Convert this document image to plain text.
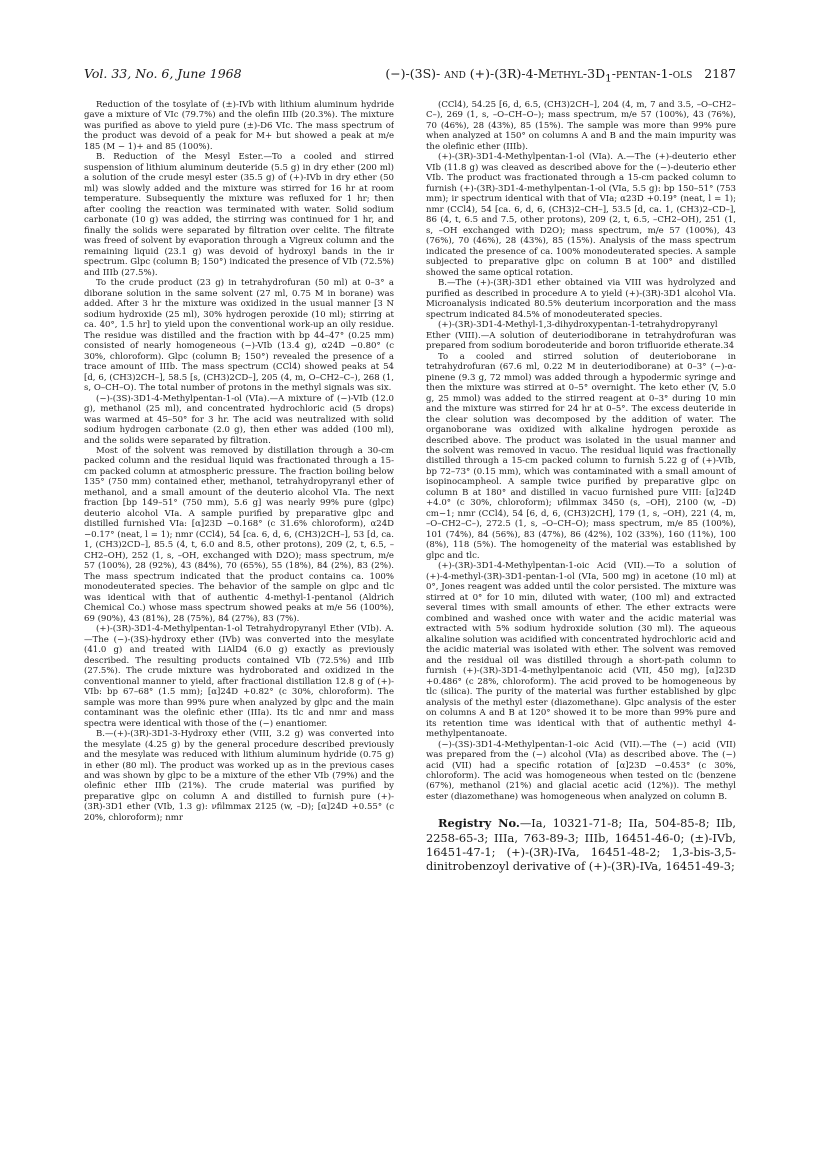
Vol. 33, No. 6, June 1968	(−)-(3S)- and $(+)-(3R)-4-Methyl-3D_1-pentan-1$-ols 2187

Reduction of the tosylate of (±)-IVb with lithium aluminum hydride gave a mixture of VIc (79.7%) and the olefin IIIb (20.3%). The mixture was purified as above to yield pure (±)-D6 VIc. The mass spectrum of the product was devoid of a peak for M+ but showed a peak at m/e 185 (M − 1)+ and 85 (100%).

B. Reduction of the Mesyl Ester.—To a cooled and stirred suspension of lithium aluminum deuteride (5.5 g) in dry ether (200 ml) a solution of the crude mesyl ester (35.5 g) of (+)-IVb in dry ether (50 ml) was slowly added and the mixture was stirred for 16 hr at room temperature. Subsequently the mixture was refluxed for 1 hr; then after cooling the reaction was terminated with water. Solid sodium carbonate (10 g) was added, the stirring was continued for 1 hr, and finally the solids were separated by filtration over celite. The filtrate was freed of solvent by evaporation through a Vigreux column and the remaining liquid (23.1 g) was devoid of hydroxyl bands in the ir spectrum. Glpc (column B; 150°) indicated the presence of VIb (72.5%) and IIIb (27.5%).

To the crude product (23 g) in tetrahydrofuran (50 ml) at 0–3° a diborane solution in the same solvent (27 ml, 0.75 M in borane) was added. After 3 hr the mixture was oxidized in the usual manner [3 N sodium hydroxide (25 ml), 30% hydrogen peroxide (10 ml); stirring at ca. 40°, 1.5 hr] to yield upon the conventional work-up an oily residue. The residue was distilled and the fraction with bp 44–47° (0.25 mm) consisted of nearly homogeneous (−)-VIb (13.4 g), α24D −0.80° (c 30%, chloroform). Glpc (column B; 150°) revealed the presence of a trace amount of IIIb. The mass spectrum (CCl4) showed peaks at 54 [d, 6, (CH3)2CH–], 58.5 [s, (CH3)2CD–], 205 (4, m, O–CH2–C–), 268 (1, s, O–CH–O). The total number of protons in the methyl signals was six.

(−)-(3S)-3D1-4-Methylpentan-1-ol (VIa).—A mixture of (−)-VIb (12.0 g), methanol (25 ml), and concentrated hydrochloric acid (5 drops) was warmed at 45–50° for 3 hr. The acid was neutralized with solid sodium hydrogen carbonate (2.0 g), then ether was added (100 ml), and the solids were separated by filtration.

Most of the solvent was removed by distillation through a 30-cm packed column and the residual liquid was fractionated through a 15-cm packed column at atmospheric pressure. The fraction boiling below 135° (750 mm) contained ether, methanol, tetrahydropyranyl ether of methanol, and a small amount of the deuterio alcohol VIa. The next fraction [bp 149–51° (750 mm), 5.6 g] was nearly 99% pure (glpc) deuterio alcohol VIa. A sample purified by preparative glpc and distilled furnished VIa: [α]23D −0.168° (c 31.6% chloroform), α24D −0.17° (neat, l = 1); nmr (CCl4), 54 [ca. 6, d, 6, (CH3)2CH–], 53 [d, ca. 1, (CH3)2CD–], 85.5 (4, t, 6.0 and 8.5, other protons), 209 (2, t, 6.5, –CH2–OH), 252 (1, s, –OH, exchanged with D2O); mass spectrum, m/e 57 (100%), 28 (92%), 43 (84%), 70 (65%), 55 (18%), 84 (2%), 83 (2%). The mass spectrum indicated that the product contains ca. 100% monodeuterated species. The behavior of the sample on glpc and tlc was identical with that of authentic 4-methyl-1-pentanol (Aldrich Chemical Co.) whose mass spectrum showed peaks at m/e 56 (100%), 69 (90%), 43 (81%), 28 (75%), 84 (27%), 83 (7%).

(+)-(3R)-3D1-4-Methylpentan-1-ol Tetrahydropyranyl Ether (VIb). A.—The (−)-(3S)-hydroxy ether (IVb) was converted into the mesylate (41.0 g) and treated with LiAlD4 (6.0 g) exactly as previously described. The resulting products contained VIb (72.5%) and IIIb (27.5%). The crude mixture was hydroborated and oxidized in the conventional manner to yield, after fractional distillation 12.8 g of (+)-VIb: bp 67–68° (1.5 mm); [α]24D +0.82° (c 30%, chloroform). The sample was more than 99% pure when analyzed by glpc and the main contaminant was the olefinic ether (IIIa). Its tlc and nmr and mass spectra were identical with those of the (−) enantiomer.

B.—(+)-(3R)-3D1-3-Hydroxy ether (VIII, 3.2 g) was converted into the mesylate (4.25 g) by the general procedure described previously and the mesylate was reduced with lithium aluminum hydride (0.75 g) in ether (80 ml). The product was worked up as in the previous cases and was shown by glpc to be a mixture of the ether VIb (79%) and the olefinic ether IIIb (21%). The crude material was purified by preparative glpc on column A and distilled to furnish pure (+)-(3R)-3D1 ether (VIb, 1.3 g): νfilmmax 2125 (w, –D); [α]24D +0.55° (c 20%, chloroform); nmr

(CCl4), 54.25 [6, d, 6.5, (CH3)2CH–], 204 (4, m, 7 and 3.5, –O–CH2–C–), 269 (1, s, –O–CH–O–); mass spectrum, m/e 57 (100%), 43 (76%), 70 (46%), 28 (43%), 85 (15%). The sample was more than 99% pure when analyzed at 150° on columns A and B and the main impurity was the olefinic ether (IIIb).

(+)-(3R)-3D1-4-Methylpentan-1-ol (VIa). A.—The (+)-deuterio ether VIb (11.8 g) was cleaved as described above for the (−)-deuterio ether VIb. The product was fractionated through a 15-cm packed column to furnish (+)-(3R)-3D1-4-methylpentan-1-ol (VIa, 5.5 g): bp 150–51° (753 mm); ir spectrum identical with that of VIa; α23D +0.19° (neat, l = 1); nmr (CCl4), 54 [ca. 6, d, 6, (CH3)2–CH–], 53.5 [d, ca. 1, (CH3)2–CD–], 86 (4, t, 6.5 and 7.5, other protons), 209 (2, t, 6.5, –CH2–OH), 251 (1, s, –OH exchanged with D2O); mass spectrum, m/e 57 (100%), 43 (76%), 70 (46%), 28 (43%), 85 (15%). Analysis of the mass spectrum indicated the presence of ca. 100% monodeuterated species. A sample subjected to preparative glpc on column B at 100° and distilled showed the same optical rotation.

B.—The (+)-(3R)-3D1 ether obtained via VIII was hydrolyzed and purified as described in procedure A to yield (+)-(3R)-3D1 alcohol VIa. Microanalysis indicated 80.5% deuterium incorporation and the mass spectrum indicated 84.5% of monodeuterated species.

(+)-(3R)-3D1-4-Methyl-1,3-dihydroxypentan-1-tetrahydropyranyl Ether (VIII).—A solution of deuteriodiborane in tetrahydrofuran was prepared from sodium borodeuteride and boron trifluoride etherate.34

To a cooled and stirred solution of deuterioborane in tetrahydrofuran (67.6 ml, 0.22 M in deuteriodiborane) at 0–3° (−)-α-pinene (9.3 g, 72 mmol) was added through a hypodermic syringe and then the mixture was stirred at 0–5° overnight. The keto ether (V, 5.0 g, 25 mmol) was added to the stirred reagent at 0–3° during 10 min and the mixture was stirred for 24 hr at 0–5°. The excess deuteride in the clear solution was decomposed by the addition of water. The organoborane was oxidized with alkaline hydrogen peroxide as described above. The product was isolated in the usual manner and the solvent was removed in vacuo. The residual liquid was fractionally distilled through a 15-cm packed column to furnish 5.22 g of (+)-VIb, bp 72–73° (0.15 mm), which was contaminated with a small amount of isopinocampheol. A sample twice purified by preparative glpc on column B at 180° and distilled in vacuo furnished pure VIII: [α]24D +4.0° (c 30%, chloroform); νfilmmax 3450 (s, –OH), 2100 (w, –D) cm−1; nmr (CCl4), 54 [6, d, 6, (CH3)2CH], 179 (1, s, –OH), 221 (4, m, –O–CH2–C–), 272.5 (1, s, –O–CH–O); mass spectrum, m/e 85 (100%), 101 (74%), 84 (56%), 83 (47%), 86 (42%), 102 (33%), 160 (11%), 100 (8%), 118 (5%). The homogeneity of the material was established by glpc and tlc.

(+)-(3R)-3D1-4-Methylpentan-1-oic Acid (VII).—To a solution of (+)-4-methyl-(3R)-3D1-pentan-1-ol (VIa, 500 mg) in acetone (10 ml) at 0°, Jones reagent was added until the color persisted. The mixture was stirred at 0° for 10 min, diluted with water, (100 ml) and extracted several times with small amounts of ether. The ether extracts were combined and washed once with water and the acidic material was extracted with 5% sodium hydroxide solution (30 ml). The aqueous alkaline solution was acidified with concentrated hydrochloric acid and the acidic material was isolated with ether. The solvent was removed and the residual oil was distilled through a short-path column to furnish (+)-(3R)-3D1-4-methylpentanoic acid (VII, 450 mg), [α]23D +0.486° (c 28%, chloroform). The acid proved to be homogeneous by tlc (silica). The purity of the material was further established by glpc analysis of the methyl ester (diazomethane). Glpc analysis of the ester on columns A and B at 120° showed it to be more than 99% pure and its retention time was identical with that of authentic methyl 4-methylpentanoate.

(−)-(3S)-3D1-4-Methylpentan-1-oic Acid (VII).—The (−) acid (VII) was prepared from the (−) alcohol (VIa) as described above. The (−) acid (VII) had a specific rotation of [α]23D −0.453° (c 30%, chloroform). The acid was homogeneous when tested on tlc (benzene (67%), methanol (21%) and glacial acetic acid (12%)). The methyl ester (diazomethane) was homogeneous when analyzed on column B.

Registry No.—Ia, 10321-71-8; IIa, 504-85-8; IIb, 2258-65-3; IIIa, 763-89-3; IIIb, 16451-46-0; (±)-IVb, 16451-47-1; (+)-(3R)-IVa, 16451-48-2; 1,3-bis-3,5-dinitrobenzoyl derivative of (+)-(3R)-IVa, 16451-49-3;
